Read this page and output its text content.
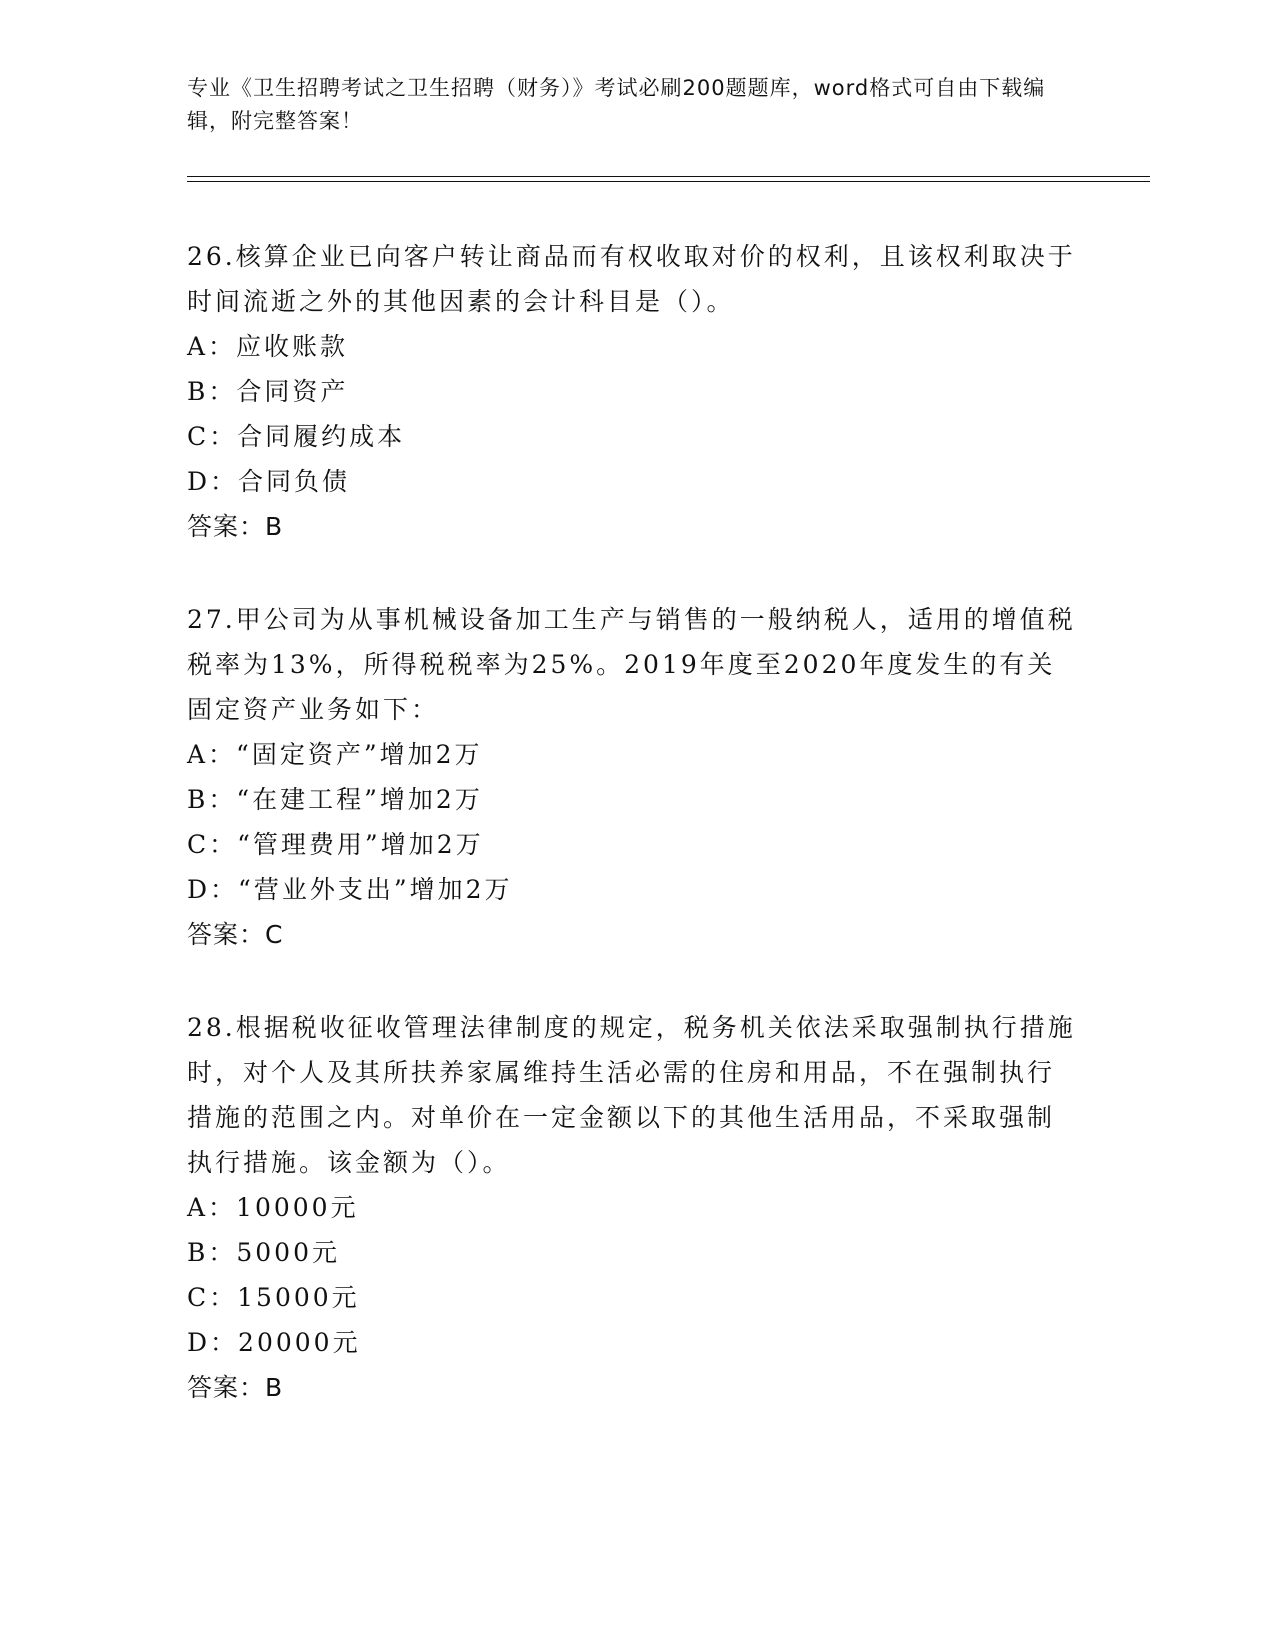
专业《卫生招聘考试之卫生招聘（财务）》考试必刷200题题库，word格式可自由下载编辑，附完整答案！

26.核算企业已向客户转让商品而有权收取对价的权利，且该权利取决于时间流逝之外的其他因素的会计科目是（）。

A：应收账款

B：合同资产

C：合同履约成本

D：合同负债

答案：B

27.甲公司为从事机械设备加工生产与销售的一般纳税人，适用的增值税税率为13%，所得税税率为25%。2019年度至2020年度发生的有关固定资产业务如下：

A：“固定资产”增加2万

B：“在建工程”增加2万

C：“管理费用”增加2万

D：“营业外支出”增加2万

答案：C

28.根据税收征收管理法律制度的规定，税务机关依法采取强制执行措施时，对个人及其所扶养家属维持生活必需的住房和用品，不在强制执行措施的范围之内。对单价在一定金额以下的其他生活用品，不采取强制执行措施。该金额为（）。

A：10000元

B：5000元

C：15000元

D：20000元

答案：B
